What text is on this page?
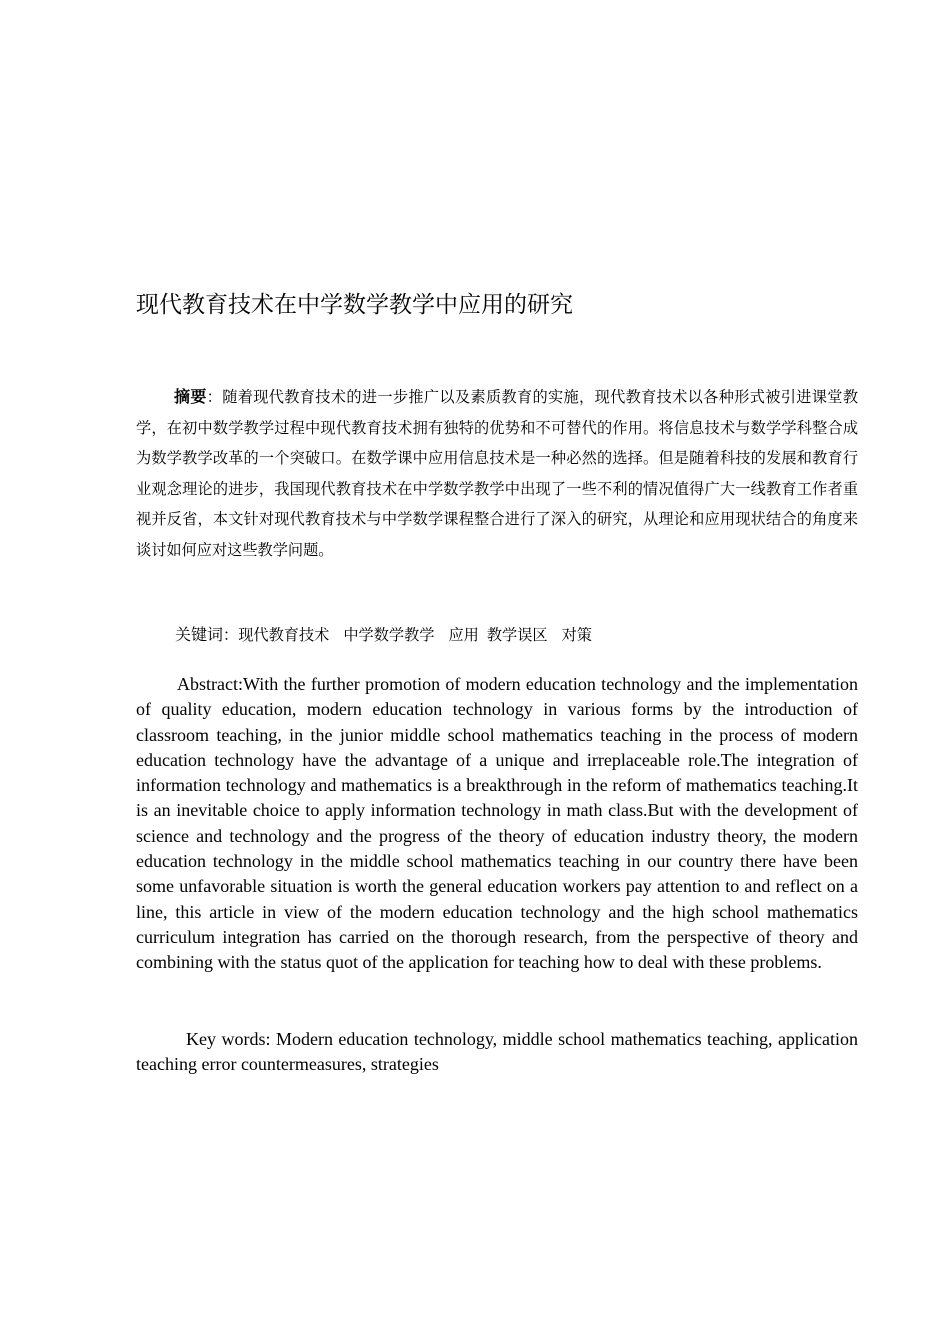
现代教育技术在中学数学教学中应用的研究
摘要：随着现代教育技术的进一步推广以及素质教育的实施，现代教育技术以各种形式被引进课堂教学，在初中数学教学过程中现代教育技术拥有独特的优势和不可替代的作用。将信息技术与数学学科整合成为数学教学改革的一个突破口。在数学课中应用信息技术是一种必然的选择。但是随着科技的发展和教育行业观念理论的进步，我国现代教育技术在中学数学教学中出现了一些不利的情况值得广大一线教育工作者重视并反省，本文针对现代教育技术与中学数学课程整合进行了深入的研究，从理论和应用现状结合的角度来谈讨如何应对这些教学问题。
关键词：现代教育技术 中学数学教学 应用 教学误区 对策
Abstract:With the further promotion of modern education technology and the implementation of quality education, modern education technology in various forms by the introduction of classroom teaching, in the junior middle school mathematics teaching in the process of modern education technology have the advantage of a unique and irreplaceable role.The integration of information technology and mathematics is a breakthrough in the reform of mathematics teaching.It is an inevitable choice to apply information technology in math class.But with the development of science and technology and the progress of the theory of education industry theory, the modern education technology in the middle school mathematics teaching in our country there have been some unfavorable situation is worth the general education workers pay attention to and reflect on a line, this article in view of the modern education technology and the high school mathematics curriculum integration has carried on the thorough research, from the perspective of theory and combining with the status quot of the application for teaching how to deal with these problems.
Key words: Modern education technology, middle school mathematics teaching, application teaching error countermeasures, strategies
